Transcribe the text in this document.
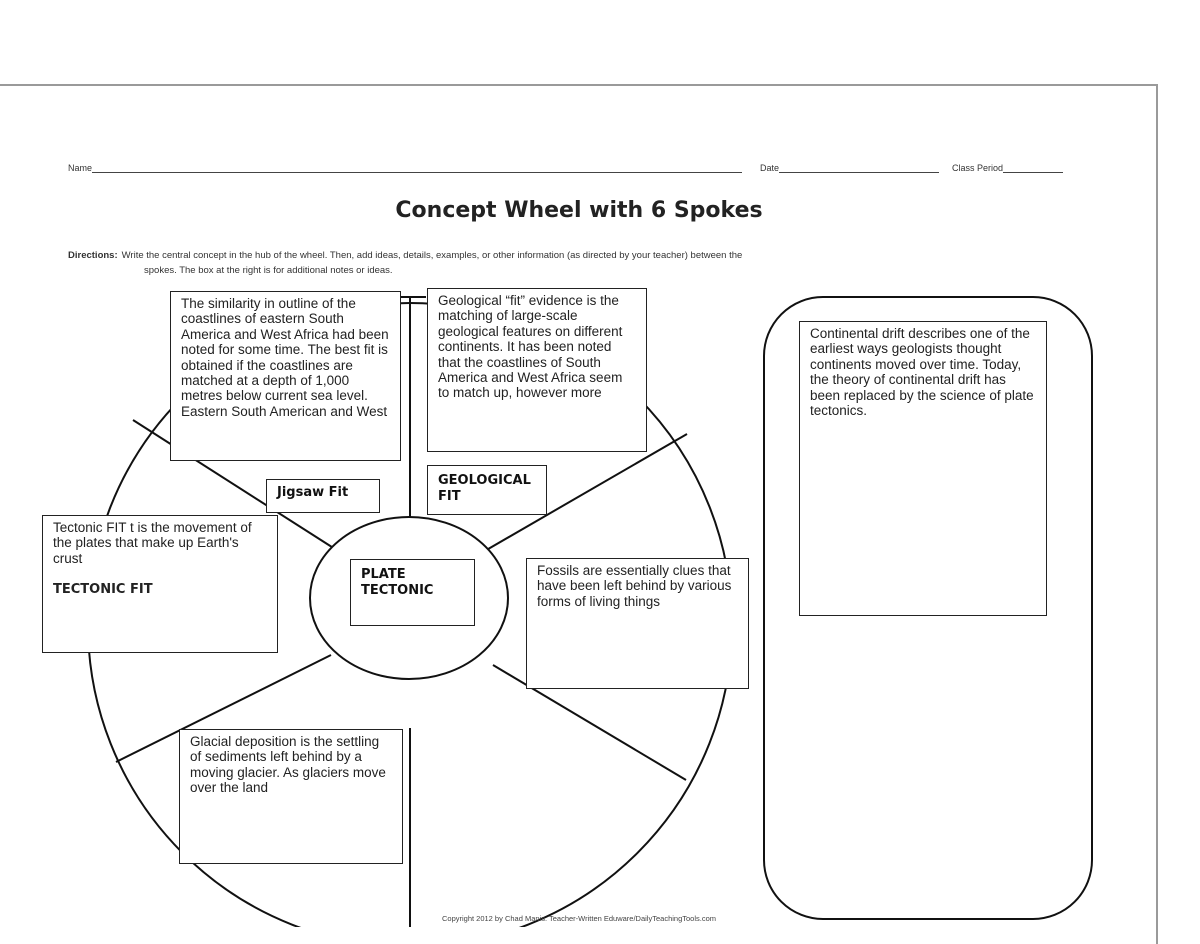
Name	Date	Class Period
Concept Wheel with 6 Spokes
Directions: Write the central concept in the hub of the wheel. Then, add ideas, details, examples, or other information (as directed by your teacher) between the
spokes. The box at the right is for additional notes or ideas.
The similarity in outline of the coastlines of eastern South America and West Africa had been noted for some time. The best fit is obtained if the coastlines are matched at a depth of 1,000 metres below current sea level. Eastern South American and West
Geological “fit” evidence is the matching of large-scale geological features on different continents. It has been noted that the coastlines of South America and West Africa seem to match up, however more
Jigsaw Fit
GEOLOGICAL FIT
Tectonic FIT t is the movement of the plates that make up Earth's crust
TECTONIC FIT
PLATE TECTONIC
Fossils are essentially clues that have been left behind by various forms of living things
Glacial deposition is the settling of sediments left behind by a moving glacier. As glaciers move over the land
Continental drift describes one of the earliest ways geologists thought continents moved over time. Today, the theory of continental drift has been replaced by the science of plate tectonics.
Copyright 2012 by Chad Manis. Teacher-Written Eduware/DailyTeachingTools.com
